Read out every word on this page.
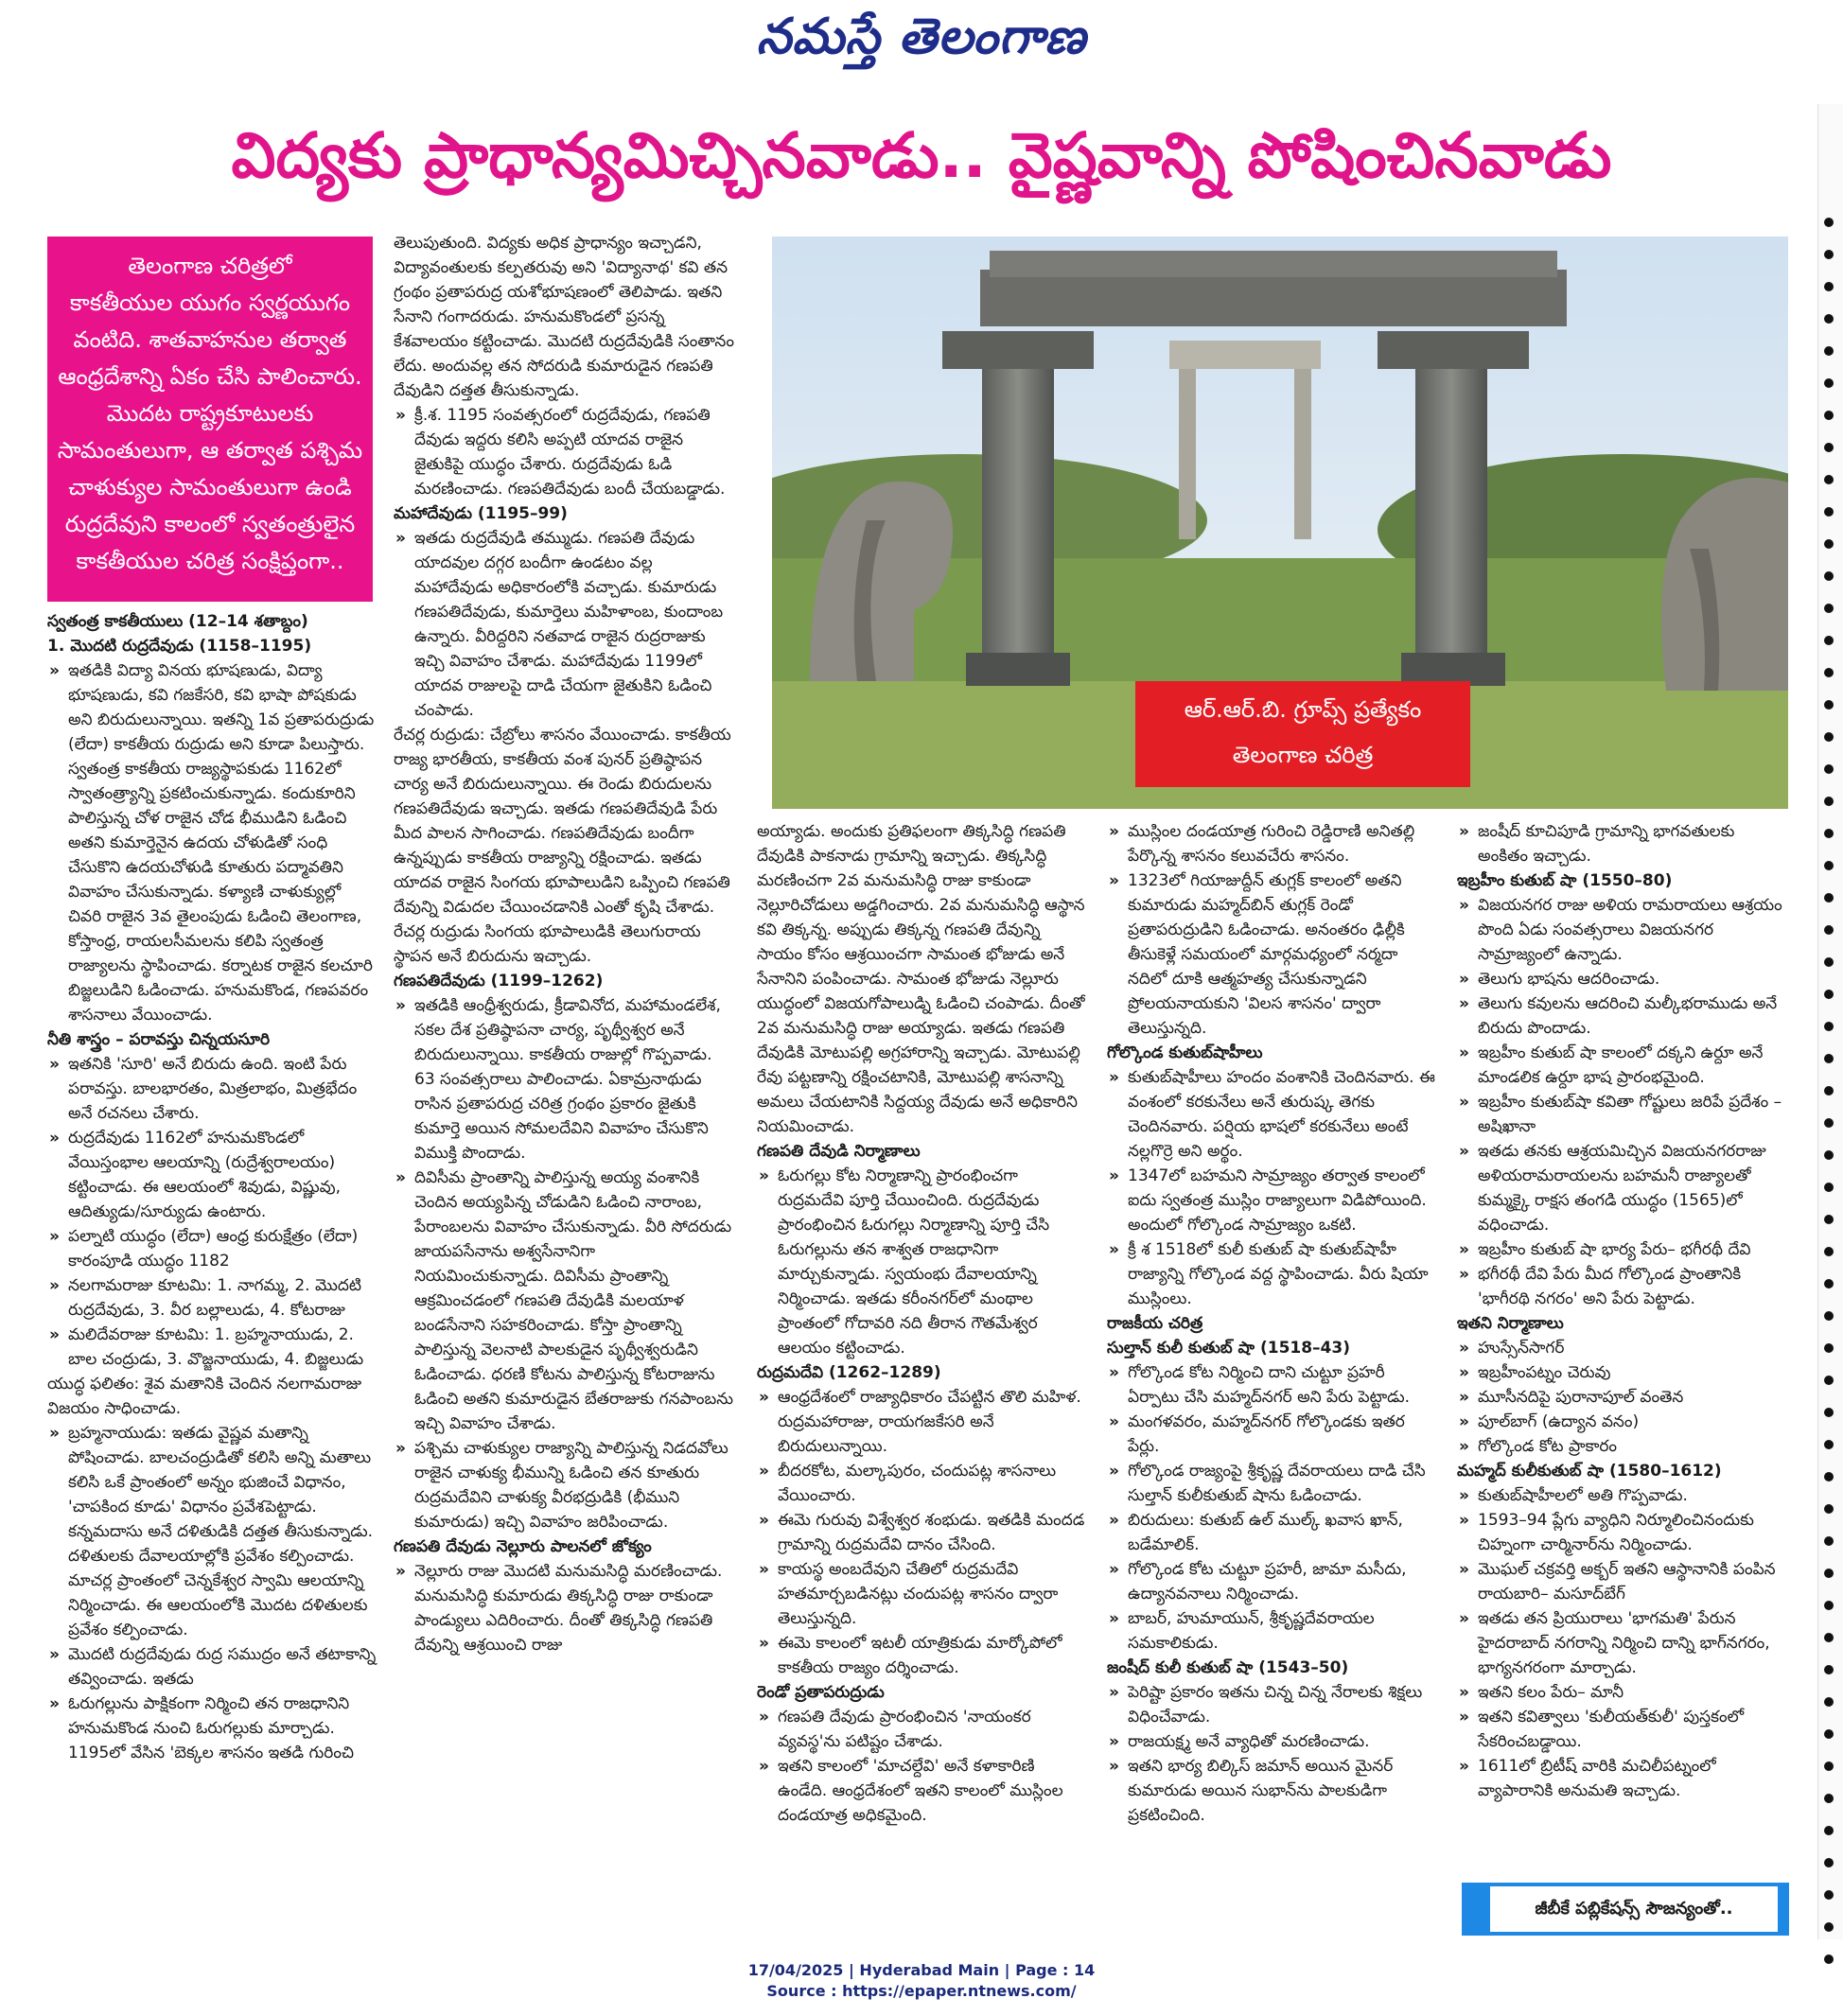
నమస్తే తెలంగాణ
విద్యకు ప్రాధాన్యమిచ్చినవాడు.. వైష్ణవాన్ని పోషించినవాడు
తెలంగాణ చరిత్రలో
కాకతీయుల యుగం స్వర్ణయుగం
వంటిది. శాతవాహనుల తర్వాత
ఆంధ్రదేశాన్ని ఏకం చేసి పాలించారు.
మొదట రాష్ట్రకూటులకు
సామంతులుగా, ఆ తర్వాత పశ్చిమ
చాళుక్యుల సామంతులుగా ఉండి
రుద్రదేవుని కాలంలో స్వతంత్రులైన
కాకతీయుల చరిత్ర సంక్షిప్తంగా..
ఆర్.ఆర్.బి. గ్రూప్స్ ప్రత్యేకం
తెలంగాణ చరిత్ర

స్వతంత్ర కాకతీయులు (12–14 శతాబ్దం)

1. మొదటి రుద్రదేవుడు (1158–1195)

» ఇతడికి విద్యా వినయ భూషణుడు, విద్యా భూషణుడు, కవి గజకేసరి, కవి భాషా పోషకుడు అని బిరుదులున్నాయి. ఇతన్ని 1వ ప్రతాపరుద్రుడు (లేదా) కాకతీయ రుద్రుడు అని కూడా పిలుస్తారు. స్వతంత్ర కాకతీయ రాజ్యస్థాపకుడు 1162లో స్వాతంత్ర్యాన్ని ప్రకటించుకున్నాడు. కందుకూరిని పాలిస్తున్న చోళ రాజైన చోడ భీముడిని ఓడించి అతని కుమార్తెనైన ఉదయ చోళుడితో సంధి చేసుకొని ఉదయచోళుడి కూతురు పద్మావతిని వివాహం చేసుకున్నాడు. కళ్యాణి చాళుక్యుల్లో చివరి రాజైన 3వ తైలంపుడు ఓడించి తెలంగాణ, కోస్తాంధ్ర, రాయలసీమలను కలిపి స్వతంత్ర రాజ్యాలను స్థాపించాడు. కర్నాటక రాజైన కలచూరి బిజ్జలుడిని ఓడించాడు. హనుమకొండ, గణపవరం శాసనాలు వేయించాడు.

నీతి శాస్త్రం – పరావస్తు చిన్నయసూరి

» ఇతనికి 'సూరి' అనే బిరుదు ఉంది. ఇంటి పేరు పరావస్తు. బాలభారతం, మిత్రలాభం, మిత్రభేదం అనే రచనలు చేశారు.

» రుద్రదేవుడు 1162లో హనుమకొండలో వేయిస్తంభాల ఆలయాన్ని (రుద్రేశ్వరాలయం) కట్టించాడు. ఈ ఆలయంలో శివుడు, విష్ణువు, ఆదిత్యుడు/సూర్యుడు ఉంటారు.

» పల్నాటి యుద్ధం (లేదా) ఆంధ్ర కురుక్షేత్రం (లేదా) కారంపూడి యుద్ధం 1182

» నలగామరాజు కూటమి: 1. నాగమ్మ, 2. మొదటి రుద్రదేవుడు, 3. వీర బల్లాలుడు, 4. కోటరాజు

» మలిదేవరాజు కూటమి: 1. బ్రహ్మనాయుడు, 2. బాల చంద్రుడు, 3. వొజ్జనాయుడు, 4. బిజ్జలుడు

యుద్ధ ఫలితం: శైవ మతానికి చెందిన నలగామరాజు విజయం సాధించాడు.

» బ్రహ్మనాయుడు: ఇతడు వైష్ణవ మతాన్ని పోషించాడు. బాలచంద్రుడితో కలిసి అన్ని మతాలు కలిసి ఒకే ప్రాంతంలో అన్నం భుజించే విధానం, 'చాపకింద కూడు' విధానం ప్రవేశపెట్టాడు. కన్నమదాసు అనే దళితుడికి దత్తత తీసుకున్నాడు. దళితులకు దేవాలయాల్లోకి ప్రవేశం కల్పించాడు. మాచర్ల ప్రాంతంలో చెన్నకేశ్వర స్వామి ఆలయాన్ని నిర్మించాడు. ఈ ఆలయంలోకి మొదట దళితులకు ప్రవేశం కల్పించాడు.

» మొదటి రుద్రదేవుడు రుద్ర సముద్రం అనే తటాకాన్ని తవ్వించాడు. ఇతడు

» ఓరుగల్లును పాక్షికంగా నిర్మించి తన రాజధానిని హనుమకొండ నుంచి ఓరుగల్లుకు మార్చాడు. 1195లో వేసిన 'బెక్కల శాసనం ఇతడి గురించి

తెలుపుతుంది. విద్యకు అధిక ప్రాధాన్యం ఇచ్చాడని, విద్యావంతులకు కల్పతరువు అని 'విద్యానాథ' కవి తన గ్రంథం ప్రతాపరుద్ర యశోభూషణంలో తెలిపాడు. ఇతని సేనాని గంగాదరుడు. హనుమకొండలో ప్రసన్న కేశవాలయం కట్టించాడు. మొదటి రుద్రదేవుడికి సంతానం లేదు. అందువల్ల తన సోదరుడి కుమారుడైన గణపతి దేవుడిని దత్తత తీసుకున్నాడు.

» క్రీ.శ. 1195 సంవత్సరంలో రుద్రదేవుడు, గణపతి దేవుడు ఇద్దరు కలిసి అప్పటి యాదవ రాజైన జైతుకిపై యుద్ధం చేశారు. రుద్రదేవుడు ఓడి మరణించాడు. గణపతిదేవుడు బందీ చేయబడ్డాడు.

మహాదేవుడు (1195–99)

» ఇతడు రుద్రదేవుడి తమ్ముడు. గణపతి దేవుడు యాదవుల దగ్గర బందీగా ఉండటం వల్ల మహాదేవుడు అధికారంలోకి వచ్చాడు. కుమారుడు గణపతిదేవుడు, కుమార్తెలు మహిళాంబ, కుందాంబ ఉన్నారు. వీరిద్దరిని నతవాడ రాజైన రుద్రరాజుకు ఇచ్చి వివాహం చేశాడు. మహాదేవుడు 1199లో యాదవ రాజులపై దాడి చేయగా జైతుకిని ఓడించి చంపాడు.

రేచర్ల రుద్రుడు: చేబ్రోలు శాసనం వేయించాడు. కాకతీయ రాజ్య భారతీయ, కాకతీయ వంశ పునర్ ప్రతిష్ఠాపన చార్య అనే బిరుదులున్నాయి. ఈ రెండు బిరుదులను గణపతిదేవుడు ఇచ్చాడు. ఇతడు గణపతిదేవుడి పేరు మీద పాలన సాగించాడు. గణపతిదేవుడు బందీగా ఉన్నప్పుడు కాకతీయ రాజ్యాన్ని రక్షించాడు. ఇతడు యాదవ రాజైన సింగయ భూపాలుడిని ఒప్పించి గణపతి దేవున్ని విడుదల చేయించడానికి ఎంతో కృషి చేశాడు. రేచర్ల రుద్రుడు సింగయ భూపాలుడికి తెలుగురాయ స్థాపన అనే బిరుదును ఇచ్చాడు.

గణపతిదేవుడు (1199–1262)

» ఇతడికి ఆంధ్రీశ్వరుడు, క్రీడావినోద, మహామండలేశ, సకల దేశ ప్రతిష్ఠాపనా చార్య, పృథ్వీశ్వర అనే బిరుదులున్నాయి. కాకతీయ రాజుల్లో గొప్పవాడు. 63 సంవత్సరాలు పాలించాడు. ఏకామ్రనాథుడు రాసిన ప్రతాపరుద్ర చరిత్ర గ్రంథం ప్రకారం జైతుకి కుమార్తె అయిన సోమలదేవిని వివాహం చేసుకొని విముక్తి పొందాడు.

» దివిసీమ ప్రాంతాన్ని పాలిస్తున్న అయ్య వంశానికి చెందిన అయ్యపిన్న చోడుడిని ఓడించి నారాంబ, పేరాంబలను వివాహం చేసుకున్నాడు. వీరి సోదరుడు జాయపసేనాను అశ్వసేనానిగా నియమించుకున్నాడు. దివిసీమ ప్రాంతాన్ని ఆక్రమించడంలో గణపతి దేవుడికి మలయాళ బండసేనాని సహకరించాడు. కోస్తా ప్రాంతాన్ని పాలిస్తున్న వెలనాటి పాలకుడైన పృథ్వీశ్వరుడిని ఓడించాడు. ధరణి కోటను పాలిస్తున్న కోటరాజును ఓడించి అతని కుమారుడైన బేతరాజుకు గనపాంబను ఇచ్చి వివాహం చేశాడు.

» పశ్చిమ చాళుక్యుల రాజ్యాన్ని పాలిస్తున్న నిడదవోలు రాజైన చాళుక్య భీమున్ని ఓడించి తన కూతురు రుద్రమదేవిని చాళుక్య వీరభద్రుడికి (భీముని కుమారుడు) ఇచ్చి వివాహం జరిపించాడు.

గణపతి దేవుడు నెల్లూరు పాలనలో జోక్యం

» నెల్లూరు రాజు మొదటి మనుమసిద్ధి మరణించాడు. మనుమసిద్ధి కుమారుడు తిక్కసిద్ధి రాజు రాకుండా పాండ్యులు ఎదిరించారు. దీంతో తిక్కసిద్ధి గణపతి దేవున్ని ఆశ్రయించి రాజు

అయ్యాడు. అందుకు ప్రతిఫలంగా తిక్కసిద్ధి గణపతి దేవుడికి పాకనాడు గ్రామాన్ని ఇచ్చాడు. తిక్కసిద్ధి మరణించగా 2వ మనుమసిద్ధి రాజు కాకుండా నెల్లూరిచోడులు అడ్డగించారు. 2వ మనుమసిద్ధి ఆస్థాన కవి తిక్కన్న. అప్పుడు తిక్కన్న గణపతి దేవున్ని సాయం కోసం ఆశ్రయించగా సామంత భోజుడు అనే సేనానిని పంపించాడు. సామంత భోజుడు నెల్లూరు యుద్ధంలో విజయగోపాలుడ్ని ఓడించి చంపాడు. దీంతో 2వ మనుమసిద్ధి రాజు అయ్యాడు. ఇతడు గణపతి దేవుడికి మోటుపల్లి అగ్రహారాన్ని ఇచ్చాడు. మోటుపల్లి రేవు పట్టణాన్ని రక్షించటానికి, మోటుపల్లి శాసనాన్ని అమలు చేయటానికి సిద్దయ్య దేవుడు అనే అధికారిని నియమించాడు.

గణపతి దేవుడి నిర్మాణాలు

» ఓరుగల్లు కోట నిర్మాణాన్ని ప్రారంభించగా రుద్రమదేవి పూర్తి చేయించింది. రుద్రదేవుడు ప్రారంభించిన ఓరుగల్లు నిర్మాణాన్ని పూర్తి చేసి ఓరుగల్లును తన శాశ్వత రాజధానిగా మార్చుకున్నాడు. స్వయంభు దేవాలయాన్ని నిర్మించాడు. ఇతడు కరీంనగర్‌లో మంథాల ప్రాంతంలో గోదావరి నది తీరాన గౌతమేశ్వర ఆలయం కట్టించాడు.

రుద్రమదేవి (1262–1289)

» ఆంధ్రదేశంలో రాజ్యాధికారం చేపట్టిన తొలి మహిళ. రుద్రమహారాజు, రాయగజకేసరి అనే బిరుదులున్నాయి.

» బీదరకోట, మల్కాపురం, చందుపట్ల శాసనాలు వేయించారు.

» ఈమె గురువు విశ్వేశ్వర శంభుడు. ఇతడికి మందడ గ్రామాన్ని రుద్రమదేవి దానం చేసింది.

» కాయస్థ అంబదేవుని చేతిలో రుద్రమదేవి హతమార్చబడినట్లు చందుపట్ల శాసనం ద్వారా తెలుస్తున్నది.

» ఈమె కాలంలో ఇటలీ యాత్రికుడు మార్కోపోలో కాకతీయ రాజ్యం దర్శించాడు.

రెండో ప్రతాపరుద్రుడు

» గణపతి దేవుడు ప్రారంభించిన 'నాయంకర వ్యవస్థ'ను పటిష్టం చేశాడు.

» ఇతని కాలంలో 'మాచల్దేవి' అనే కళాకారిణి ఉండేది. ఆంధ్రదేశంలో ఇతని కాలంలో ముస్లింల దండయాత్ర అధికమైంది.

» ముస్లింల దండయాత్ర గురించి రెడ్డిరాణి అనితల్లి పేర్కొన్న శాసనం కలువచేరు శాసనం.

» 1323లో గియాజుద్దీన్ తుగ్లక్ కాలంలో అతని కుమారుడు మహ్మద్‌బిన్ తుగ్లక్ రెండో ప్రతాపరుద్రుడిని ఓడించాడు. అనంతరం ఢిల్లీకి తీసుకెళ్లే సమయంలో మార్గమధ్యంలో నర్మదా నదిలో దూకి ఆత్మహత్య చేసుకున్నాడని ప్రోలయనాయకుని 'విలస శాసనం' ద్వారా తెలుస్తున్నది.

గోల్కొండ కుతుబ్‌షాహీలు

» కుతుబ్‌షాహీలు హందం వంశానికి చెందినవారు. ఈ వంశంలో కరకునేలు అనే తురుష్క తెగకు చెందినవారు. పర్షియ భాషలో కరకునేలు అంటే నల్లగొర్రె అని అర్థం.

» 1347లో బహమని సామ్రాజ్యం తర్వాత కాలంలో ఐదు స్వతంత్ర ముస్లిం రాజ్యాలుగా విడిపోయింది. అందులో గోల్కొండ సామ్రాజ్యం ఒకటి.

» క్రీ శ 1518లో కులీ కుతుబ్ షా కుతుబ్‌షాహీ రాజ్యాన్ని గోల్కొండ వద్ద స్థాపించాడు. వీరు షియా ముస్లింలు.

రాజకీయ చరిత్ర

సుల్తాన్ కులీ కుతుబ్ షా (1518–43)

» గోల్కొండ కోట నిర్మించి దాని చుట్టూ ప్రహరీ ఏర్పాటు చేసి మహ్మద్‌నగర్ అని పేరు పెట్టాడు.

» మంగళవరం, మహ్మద్‌నగర్ గోల్కొండకు ఇతర పేర్లు.

» గోల్కొండ రాజ్యంపై శ్రీకృష్ణ దేవరాయలు దాడి చేసి సుల్తాన్ కులీకుతుబ్ షాను ఓడించాడు.

» బిరుదులు: కుతుబ్ ఉల్ ముల్క్ ఖవాస ఖాన్, బడేమాలిక్.

» గోల్కొండ కోట చుట్టూ ప్రహరీ, జామా మసీదు, ఉద్యానవనాలు నిర్మించాడు.

» బాబర్, హుమాయున్, శ్రీకృష్ణదేవరాయల సమకాలికుడు.

జంషీద్ కులీ కుతుబ్ షా (1543–50)

» పెరిష్టా ప్రకారం ఇతను చిన్న చిన్న నేరాలకు శిక్షలు విధించేవాడు.

» రాజయక్ష్మ అనే వ్యాధితో మరణించాడు.

» ఇతని భార్య బిల్కిస్ జమాన్ అయిన మైనర్ కుమారుడు అయిన సుభాన్‌ను పాలకుడిగా ప్రకటించింది.

» జంషీద్ కూచిపూడి గ్రామాన్ని భాగవతులకు అంకితం ఇచ్చాడు.

ఇబ్రహీం కుతుబ్ షా (1550–80)

» విజయనగర రాజు అళియ రామరాయలు ఆశ్రయం పొంది ఏడు సంవత్సరాలు విజయనగర సామ్రాజ్యంలో ఉన్నాడు.

» తెలుగు భాషను ఆదరించాడు.

» తెలుగు కవులను ఆదరించి మల్కీభరాముడు అనే బిరుదు పొందాడు.

» ఇబ్రహీం కుతుబ్ షా కాలంలో దక్కని ఉర్దూ అనే మాండలిక ఉర్దూ భాష ప్రారంభమైంది.

» ఇబ్రహీం కుతుబ్‌షా కవితా గోష్టులు జరిపే ప్రదేశం – అషిఖానా

» ఇతడు తనకు ఆశ్రయమిచ్చిన విజయనగరరాజు అళియరామరాయలను బహమనీ రాజ్యాలతో కుమ్మక్కై రాక్షస తంగడి యుద్ధం (1565)లో వధించాడు.

» ఇబ్రహీం కుతుబ్ షా భార్య పేరు– భగీరథీ దేవి

» భగీరథీ దేవి పేరు మీద గోల్కొండ ప్రాంతానికి 'భాగీరథి నగరం' అని పేరు పెట్టాడు.

ఇతని నిర్మాణాలు

» హుస్సేన్‌సాగర్

» ఇబ్రహీంపట్నం చెరువు

» మూసీనదిపై పురానాపూల్ వంతెన

» పూల్‌బాగ్ (ఉద్యాన వనం)

» గోల్కొండ కోట ప్రాకారం

మహ్మద్ కులీకుతుబ్ షా (1580–1612)

» కుతుబ్‌షాహీలలో అతి గొప్పవాడు.

» 1593–94 ప్లేగు వ్యాధిని నిర్మూలించినందుకు చిహ్నంగా చార్మినార్‌ను నిర్మించాడు.

» మొఘల్ చక్రవర్తి అక్బర్ ఇతని ఆస్థానానికి పంపిన రాయబారి– మసూద్‌బేగ్

» ఇతడు తన ప్రియురాలు 'భాగమతి' పేరున హైదరాబాద్ నగరాన్ని నిర్మించి దాన్ని భాగ్‌నగరం, భాగ్యనగరంగా మార్చాడు.

» ఇతని కలం పేరు– మానీ

» ఇతని కవిత్వాలు 'కులీయత్‌కులీ' పుస్తకంలో సేకరించబడ్డాయి.

» 1611లో బ్రిటీష్ వారికి మచిలీపట్నంలో వ్యాపారానికి అనుమతి ఇచ్చాడు.

జీబీకే పబ్లికేషన్స్ సౌజన్యంతో..
17/04/2025 | Hyderabad Main | Page : 14
Source : https://epaper.ntnews.com/
